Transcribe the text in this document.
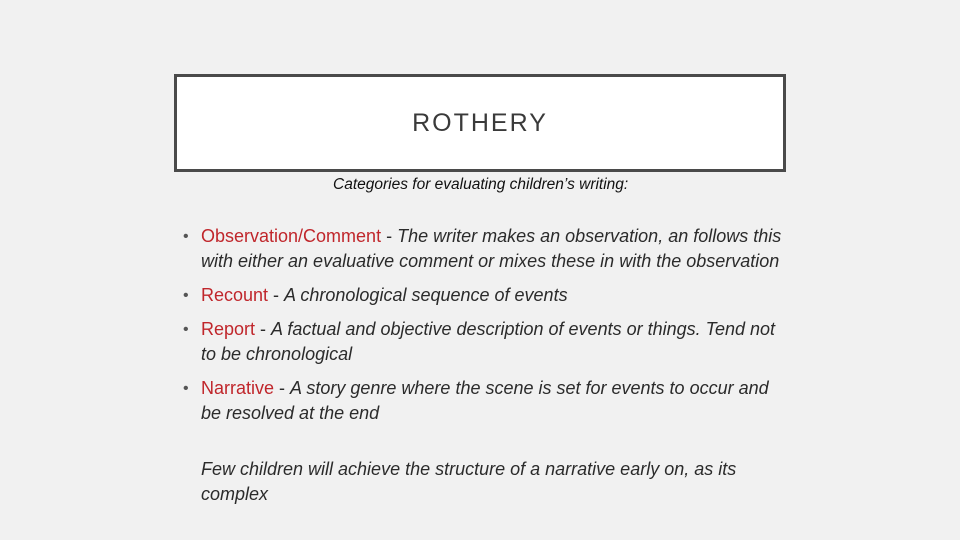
ROTHERY
Categories for evaluating children’s writing:
• Observation/Comment - The writer makes an observation, an follows this with either an evaluative comment or mixes these in with the observation
• Recount - A chronological sequence of events
• Report - A factual and objective description of events or things. Tend not to be chronological
• Narrative - A story genre where the scene is set for events to occur and be resolved at the end
Few children will achieve the structure of a narrative early on, as its complex
